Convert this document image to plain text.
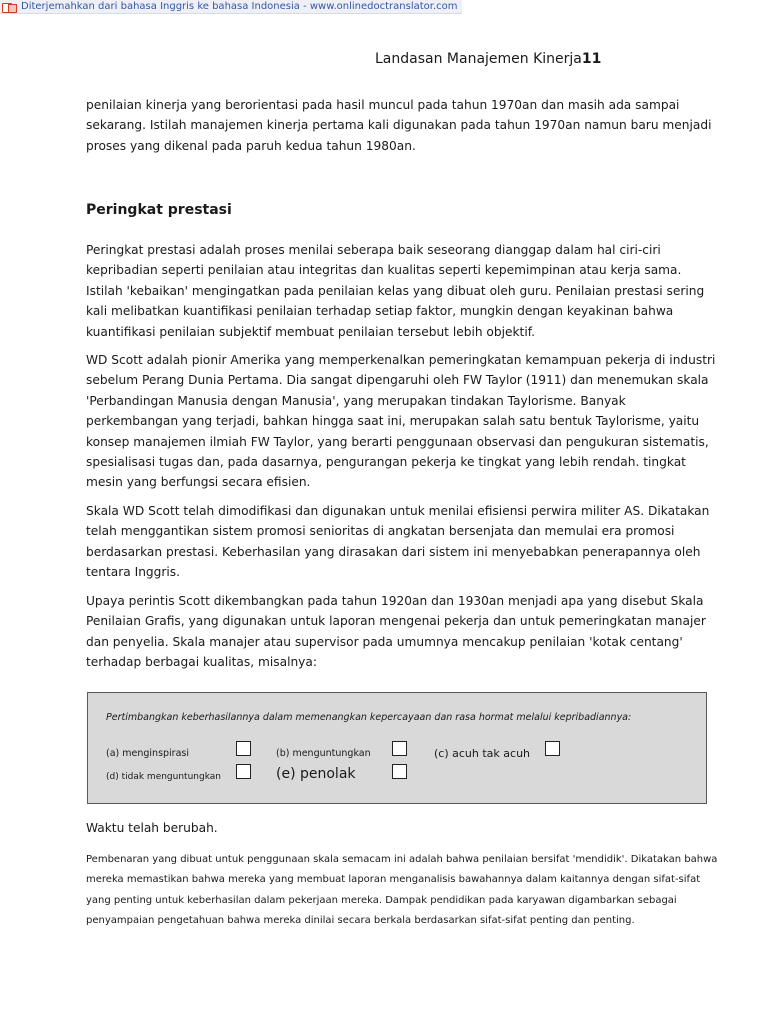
Diterjemahkan dari bahasa Inggris ke bahasa Indonesia - www.onlinedoctranslator.com
Landasan Manajemen Kinerja11

penilaian kinerja yang berorientasi pada hasil muncul pada tahun 1970an dan masih ada sampai sekarang. Istilah manajemen kinerja pertama kali digunakan pada tahun 1970an namun baru menjadi proses yang dikenal pada paruh kedua tahun 1980an.

Peringkat prestasi

Peringkat prestasi adalah proses menilai seberapa baik seseorang dianggap dalam hal ciri-ciri kepribadian seperti penilaian atau integritas dan kualitas seperti kepemimpinan atau kerja sama. Istilah 'kebaikan' mengingatkan pada penilaian kelas yang dibuat oleh guru. Penilaian prestasi sering kali melibatkan kuantifikasi penilaian terhadap setiap faktor, mungkin dengan keyakinan bahwa kuantifikasi penilaian subjektif membuat penilaian tersebut lebih objektif.

WD Scott adalah pionir Amerika yang memperkenalkan pemeringkatan kemampuan pekerja di industri sebelum Perang Dunia Pertama. Dia sangat dipengaruhi oleh FW Taylor (1911) dan menemukan skala 'Perbandingan Manusia dengan Manusia', yang merupakan tindakan Taylorisme. Banyak perkembangan yang terjadi, bahkan hingga saat ini, merupakan salah satu bentuk Taylorisme, yaitu konsep manajemen ilmiah FW Taylor, yang berarti penggunaan observasi dan pengukuran sistematis, spesialisasi tugas dan, pada dasarnya, pengurangan pekerja ke tingkat yang lebih rendah. tingkat mesin yang berfungsi secara efisien.

Skala WD Scott telah dimodifikasi dan digunakan untuk menilai efisiensi perwira militer AS. Dikatakan telah menggantikan sistem promosi senioritas di angkatan bersenjata dan memulai era promosi berdasarkan prestasi. Keberhasilan yang dirasakan dari sistem ini menyebabkan penerapannya oleh tentara Inggris.

Upaya perintis Scott dikembangkan pada tahun 1920an dan 1930an menjadi apa yang disebut Skala Penilaian Grafis, yang digunakan untuk laporan mengenai pekerja dan untuk pemeringkatan manajer dan penyelia. Skala manajer atau supervisor pada umumnya mencakup penilaian 'kotak centang' terhadap berbagai kualitas, misalnya:

Pertimbangkan keberhasilannya dalam memenangkan kepercayaan dan rasa hormat melalui kepribadiannya:
(a) menginspirasi	(b) menguntungkan	(c) acuh tak acuh
(d) tidak menguntungkan	(e) penolak

Waktu telah berubah.

Pembenaran yang dibuat untuk penggunaan skala semacam ini adalah bahwa penilaian bersifat 'mendidik'. Dikatakan bahwa mereka memastikan bahwa mereka yang membuat laporan menganalisis bawahannya dalam kaitannya dengan sifat-sifat yang penting untuk keberhasilan dalam pekerjaan mereka. Dampak pendidikan pada karyawan digambarkan sebagai penyampaian pengetahuan bahwa mereka dinilai secara berkala berdasarkan sifat-sifat penting dan penting.
